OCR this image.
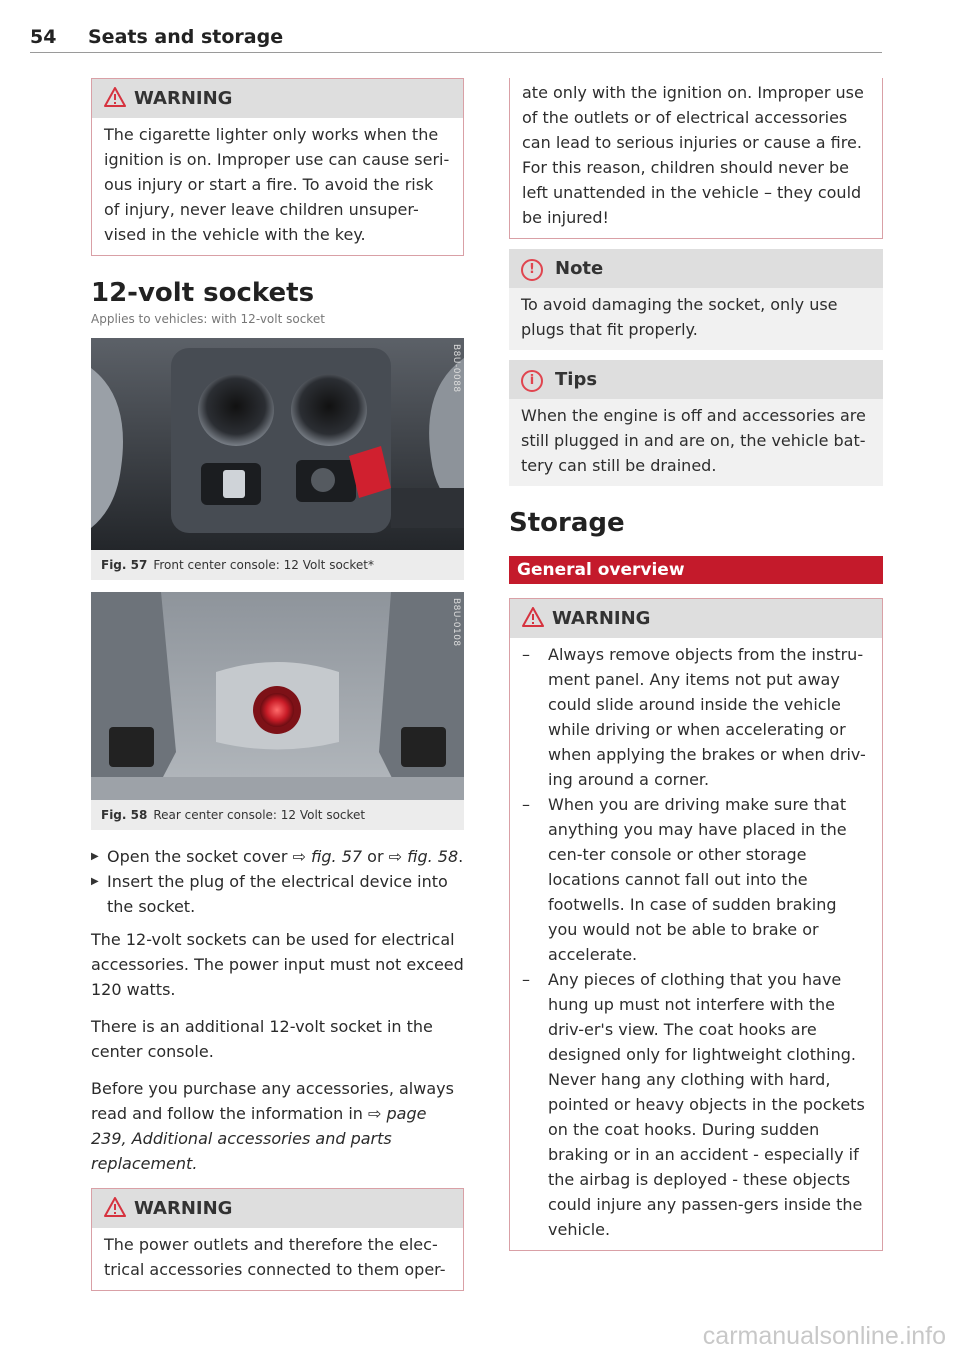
54 Seats and storage
WARNING
The cigarette lighter only works when the ignition is on. Improper use can cause seri-ous injury or start a fire. To avoid the risk of injury, never leave children unsuper-vised in the vehicle with the key.
12-volt sockets
Applies to vehicles: with 12-volt socket
B8U-0088
Fig. 57 Front center console: 12 Volt socket*
B8U-0108
Fig. 58 Rear center console: 12 Volt socket
▶ Open the socket cover ⇨ fig. 57 or ⇨ fig. 58.
▶ Insert the plug of the electrical device into the socket.

The 12-volt sockets can be used for electrical accessories. The power input must not exceed 120 watts.

There is an additional 12-volt socket in the center console.

Before you purchase any accessories, always read and follow the information in ⇨ page 239, Additional accessories and parts replacement.

WARNING
The power outlets and therefore the elec-trical accessories connected to them oper-
ate only with the ignition on. Improper use of the outlets or of electrical accessories can lead to serious injuries or cause a fire. For this reason, children should never be left unattended in the vehicle – they could be injured!
! Note
To avoid damaging the socket, only use plugs that fit properly.
i Tips
When the engine is off and accessories are still plugged in and are on, the vehicle bat-tery can still be drained.
Storage
General overview
WARNING
– Always remove objects from the instru-ment panel. Any items not put away could slide around inside the vehicle while driving or when accelerating or when applying the brakes or when driv-ing around a corner.
– When you are driving make sure that anything you may have placed in the cen-ter console or other storage locations cannot fall out into the footwells. In case of sudden braking you would not be able to brake or accelerate.
– Any pieces of clothing that you have hung up must not interfere with the driv-er's view. The coat hooks are designed only for lightweight clothing. Never hang any clothing with hard, pointed or heavy objects in the pockets on the coat hooks. During sudden braking or in an accident - especially if the airbag is deployed - these objects could injure any passen-gers inside the vehicle.
carmanualsonline.info
